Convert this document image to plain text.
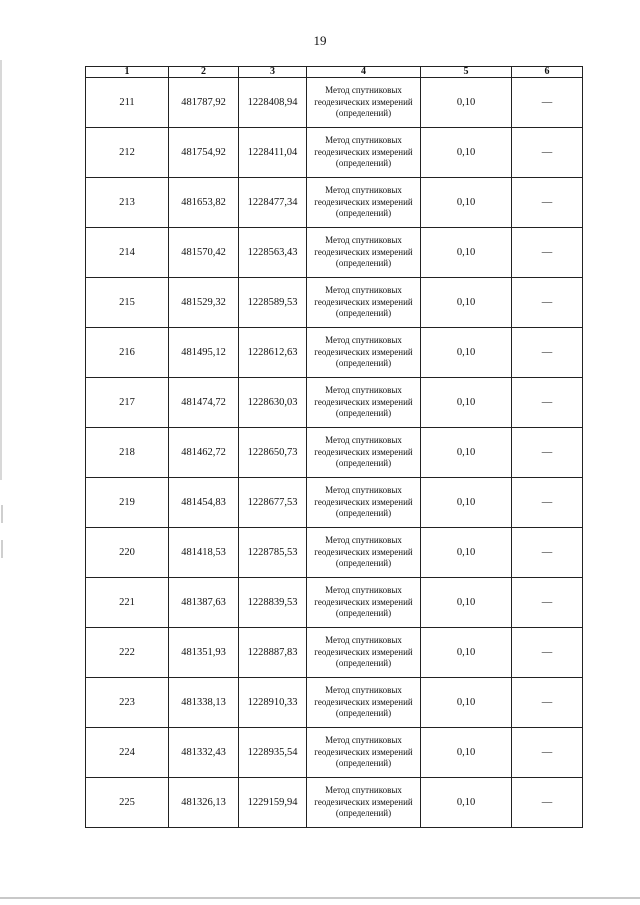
19
1	2	3	4	5	6
211	481787,92	1228408,94	Метод спутниковых геодезических измерений (определений)	0,10	—
212	481754,92	1228411,04	Метод спутниковых геодезических измерений (определений)	0,10	—
213	481653,82	1228477,34	Метод спутниковых геодезических измерений (определений)	0,10	—
214	481570,42	1228563,43	Метод спутниковых геодезических измерений (определений)	0,10	—
215	481529,32	1228589,53	Метод спутниковых геодезических измерений (определений)	0,10	—
216	481495,12	1228612,63	Метод спутниковых геодезических измерений (определений)	0,10	—
217	481474,72	1228630,03	Метод спутниковых геодезических измерений (определений)	0,10	—
218	481462,72	1228650,73	Метод спутниковых геодезических измерений (определений)	0,10	—
219	481454,83	1228677,53	Метод спутниковых геодезических измерений (определений)	0,10	—
220	481418,53	1228785,53	Метод спутниковых геодезических измерений (определений)	0,10	—
221	481387,63	1228839,53	Метод спутниковых геодезических измерений (определений)	0,10	—
222	481351,93	1228887,83	Метод спутниковых геодезических измерений (определений)	0,10	—
223	481338,13	1228910,33	Метод спутниковых геодезических измерений (определений)	0,10	—
224	481332,43	1228935,54	Метод спутниковых геодезических измерений (определений)	0,10	—
225	481326,13	1229159,94	Метод спутниковых геодезических измерений (определений)	0,10	—
